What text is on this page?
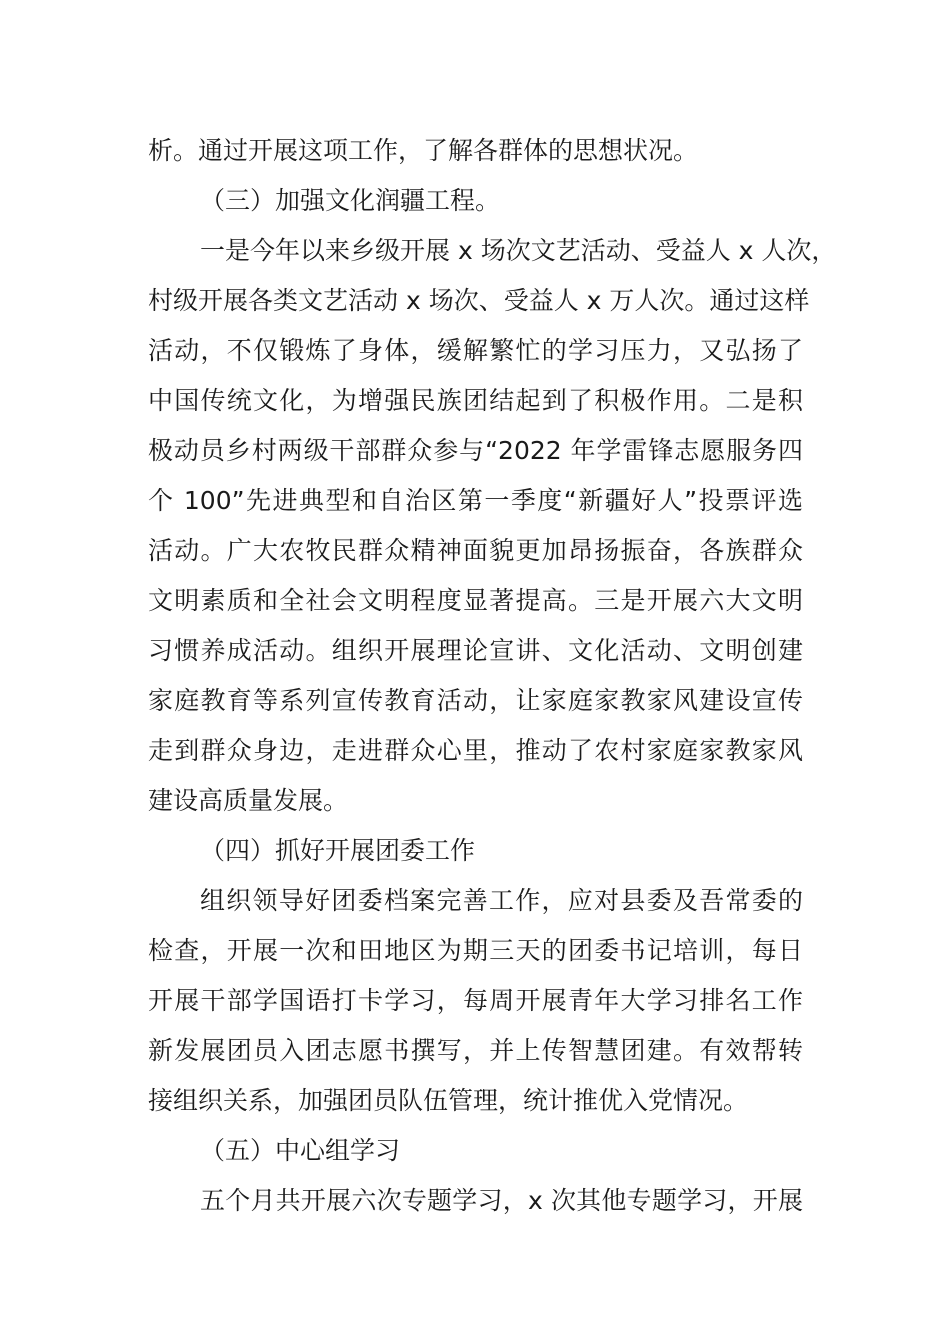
析。通过开展这项工作，了解各群体的思想状况。
（三）加强文化润疆工程。
一是今年以来乡级开展 x 场次文艺活动、受益人 x 人次，
村级开展各类文艺活动 x 场次、受益人 x 万人次。通过这样
活动，不仅锻炼了身体，缓解繁忙的学习压力，又弘扬了
中国传统文化，为增强民族团结起到了积极作用。二是积
极动员乡村两级干部群众参与“2022 年学雷锋志愿服务四
个 100”先进典型和自治区第一季度“新疆好人”投票评选
活动。广大农牧民群众精神面貌更加昂扬振奋，各族群众
文明素质和全社会文明程度显著提高。三是开展六大文明
习惯养成活动。组织开展理论宣讲、文化活动、文明创建
家庭教育等系列宣传教育活动，让家庭家教家风建设宣传
走到群众身边，走进群众心里，推动了农村家庭家教家风
建设高质量发展。
（四）抓好开展团委工作
组织领导好团委档案完善工作，应对县委及吾常委的
检查，开展一次和田地区为期三天的团委书记培训，每日
开展干部学国语打卡学习，每周开展青年大学习排名工作
新发展团员入团志愿书撰写，并上传智慧团建。有效帮转
接组织关系，加强团员队伍管理，统计推优入党情况。
（五）中心组学习
五个月共开展六次专题学习，x 次其他专题学习，开展
